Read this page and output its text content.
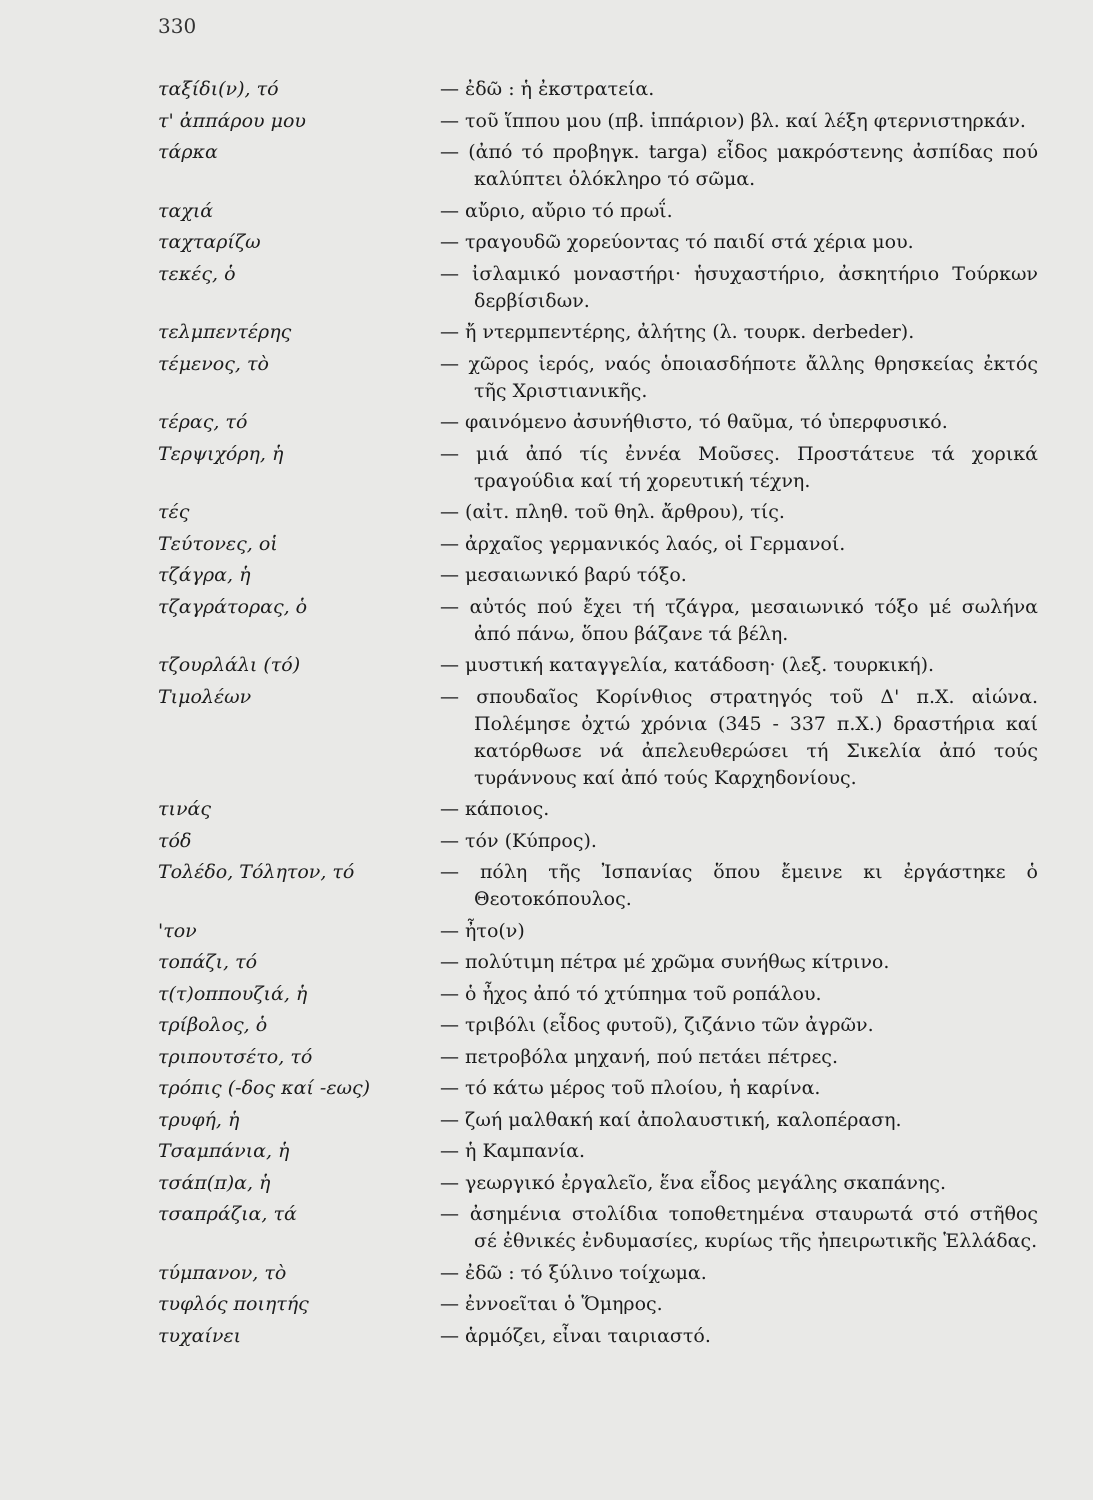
330
ταξίδι(ν), τό	— ἐδῶ : ἡ ἐκστρατεία.
τ' ἀππάρου μου	— τοῦ ἵππου μου (πβ. ἱππάριον) βλ. καί λέξη φτερνιστηρκάν.
τάρκα	— (ἀπό τό προβηγκ. targa) εἶδος μακρόστενης ἀσπίδας πού καλύπτει ὁλόκληρο τό σῶμα.
ταχιά	— αὔριο, αὔριο τό πρωΐ.
ταχταρίζω	— τραγουδῶ χορεύοντας τό παιδί στά χέρια μου.
τεκές, ὁ	— ἰσλαμικό μοναστήρι· ἡσυχαστήριο, ἀσκητήριο Τούρκων δερβίσιδων.
τελμπεντέρης	— ἤ ντερμπεντέρης, ἀλήτης (λ. τουρκ. derbeder).
τέμενος, τὸ	— χῶρος ἱερός, ναός ὁποιασδήποτε ἄλλης θρησκείας ἐκτός τῆς Χριστιανικῆς.
τέρας, τό	— φαινόμενο ἀσυνήθιστο, τό θαῦμα, τό ὑπερφυσικό.
Τερψιχόρη, ἡ	— μιά ἀπό τίς ἐννέα Μοῦσες. Προστάτευε τά χορικά τραγούδια καί τή χορευτική τέχνη.
τές	— (αἰτ. πληθ. τοῦ θηλ. ἄρθρου), τίς.
Τεύτονες, οἱ	— ἀρχαῖος γερμανικός λαός, οἱ Γερμανοί.
τζάγρα, ἡ	— μεσαιωνικό βαρύ τόξο.
τζαγράτορας, ὁ	— αὐτός πού ἔχει τή τζάγρα, μεσαιωνικό τόξο μέ σωλήνα ἀπό πάνω, ὅπου βάζανε τά βέλη.
τζουρλάλι (τό)	— μυστική καταγγελία, κατάδοση· (λεξ. τουρκική).
Τιμολέων	— σπουδαῖος Κορίνθιος στρατηγός τοῦ Δ' π.Χ. αἰώνα. Πολέμησε ὀχτώ χρόνια (345 - 337 π.Χ.) δραστήρια καί κατόρθωσε νά ἀπελευθερώσει τή Σικελία ἀπό τούς τυράννους καί ἀπό τούς Καρχηδονίους.
τινάς	— κάποιος.
τόδ	— τόν (Κύπρος).
Τολέδο, Τόλητον, τό	— πόλη τῆς Ἰσπανίας ὅπου ἔμεινε κι ἐργάστηκε ὁ Θεοτοκόπουλος.
'τον	— ἦτο(ν)
τοπάζι, τό	— πολύτιμη πέτρα μέ χρῶμα συνήθως κίτρινο.
τ(τ)οππουζιά, ἡ	— ὁ ἦχος ἀπό τό χτύπημα τοῦ ροπάλου.
τρίβολος, ὁ	— τριβόλι (εἶδος φυτοῦ), ζιζάνιο τῶν ἀγρῶν.
τριπουτσέτο, τό	— πετροβόλα μηχανή, πού πετάει πέτρες.
τρόπις (-δος καί -εως)	— τό κάτω μέρος τοῦ πλοίου, ἡ καρίνα.
τρυφή, ἡ	— ζωή μαλθακή καί ἀπολαυστική, καλοπέραση.
Τσαμπάνια, ἡ	— ἡ Καμπανία.
τσάπ(π)α, ἡ	— γεωργικό ἐργαλεῖο, ἕνα εἶδος μεγάλης σκαπάνης.
τσαπράζια, τά	— ἀσημένια στολίδια τοποθετημένα σταυρωτά στό στῆθος σέ ἐθνικές ἐνδυμασίες, κυρίως τῆς ἠπειρωτικῆς Ἑλλάδας.
τύμπανον, τὸ	— ἐδῶ : τό ξύλινο τοίχωμα.
τυφλός ποιητής	— ἐννοεῖται ὁ Ὅμηρος.
τυχαίνει	— ἁρμόζει, εἶναι ταιριαστό.
